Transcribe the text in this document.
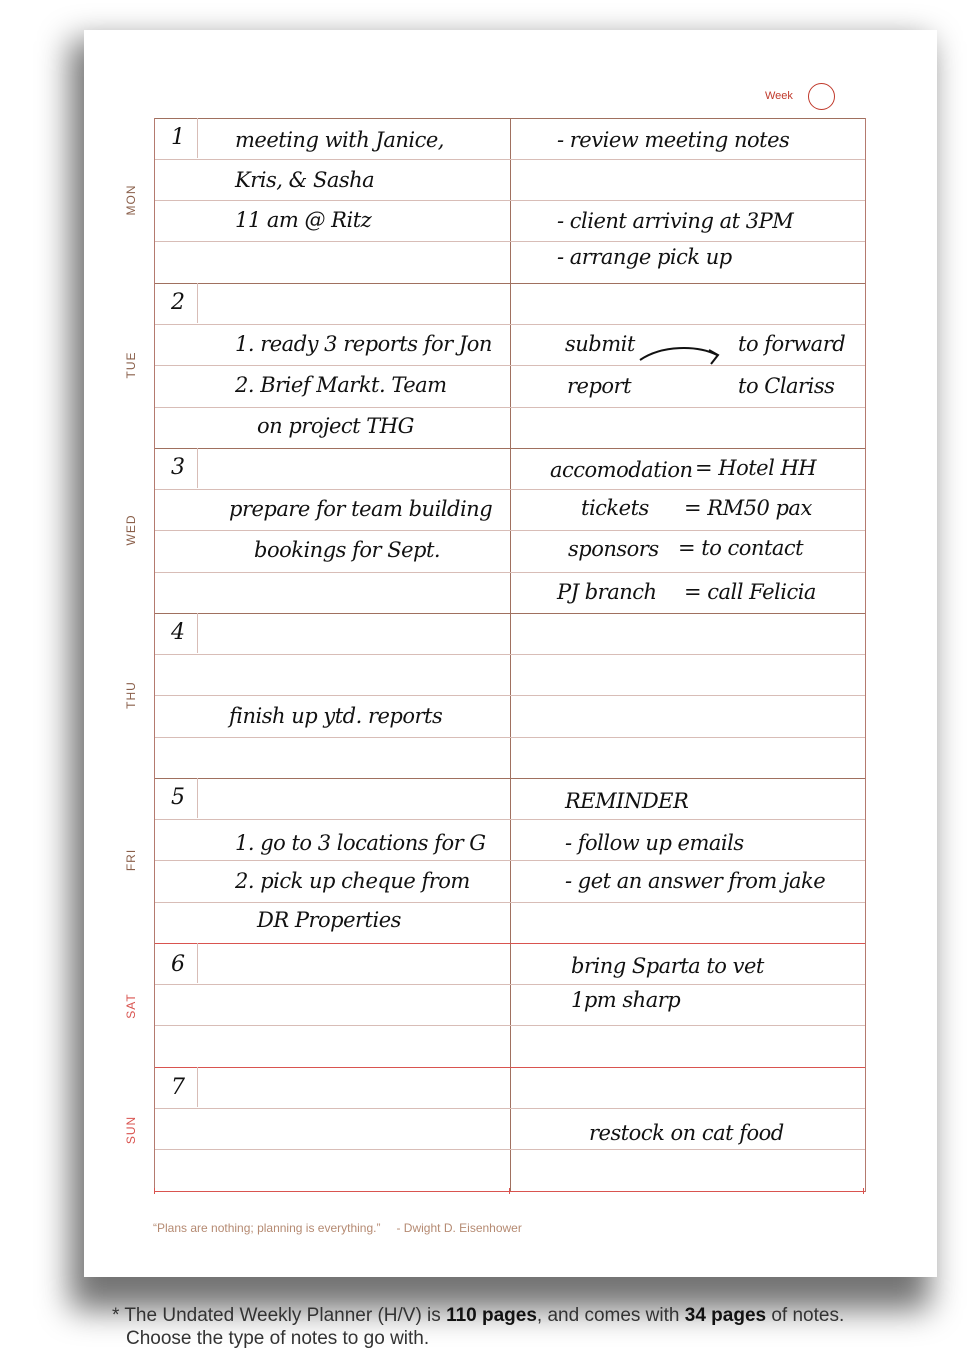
Week
1
2
3
4
5
6
7
MON
TUE
WED
THU
FRI
SAT
SUN
meeting with Janice,
Kris, & Sasha
11 am @ Ritz
- review meeting notes
- client arriving at 3PM
- arrange pick up
1. ready 3 reports for Jon
2. Brief Markt. Team
on project THG
submit	to forward
report	to Clariss
prepare for team building
bookings for Sept.
accomodation = Hotel HH
tickets = RM50 pax
sponsors = to contact
PJ branch = call Felicia
finish up ytd. reports
1. go to 3 locations for G
2. pick up cheque from
DR Properties
REMINDER
- follow up emails
- get an answer from jake
bring Sparta to vet
1pm sharp
restock on cat food
“Plans are nothing; planning is everything.” - Dwight D. Eisenhower
* The Undated Weekly Planner (H/V) is 110 pages, and comes with 34 pages of notes.
Choose the type of notes to go with.
